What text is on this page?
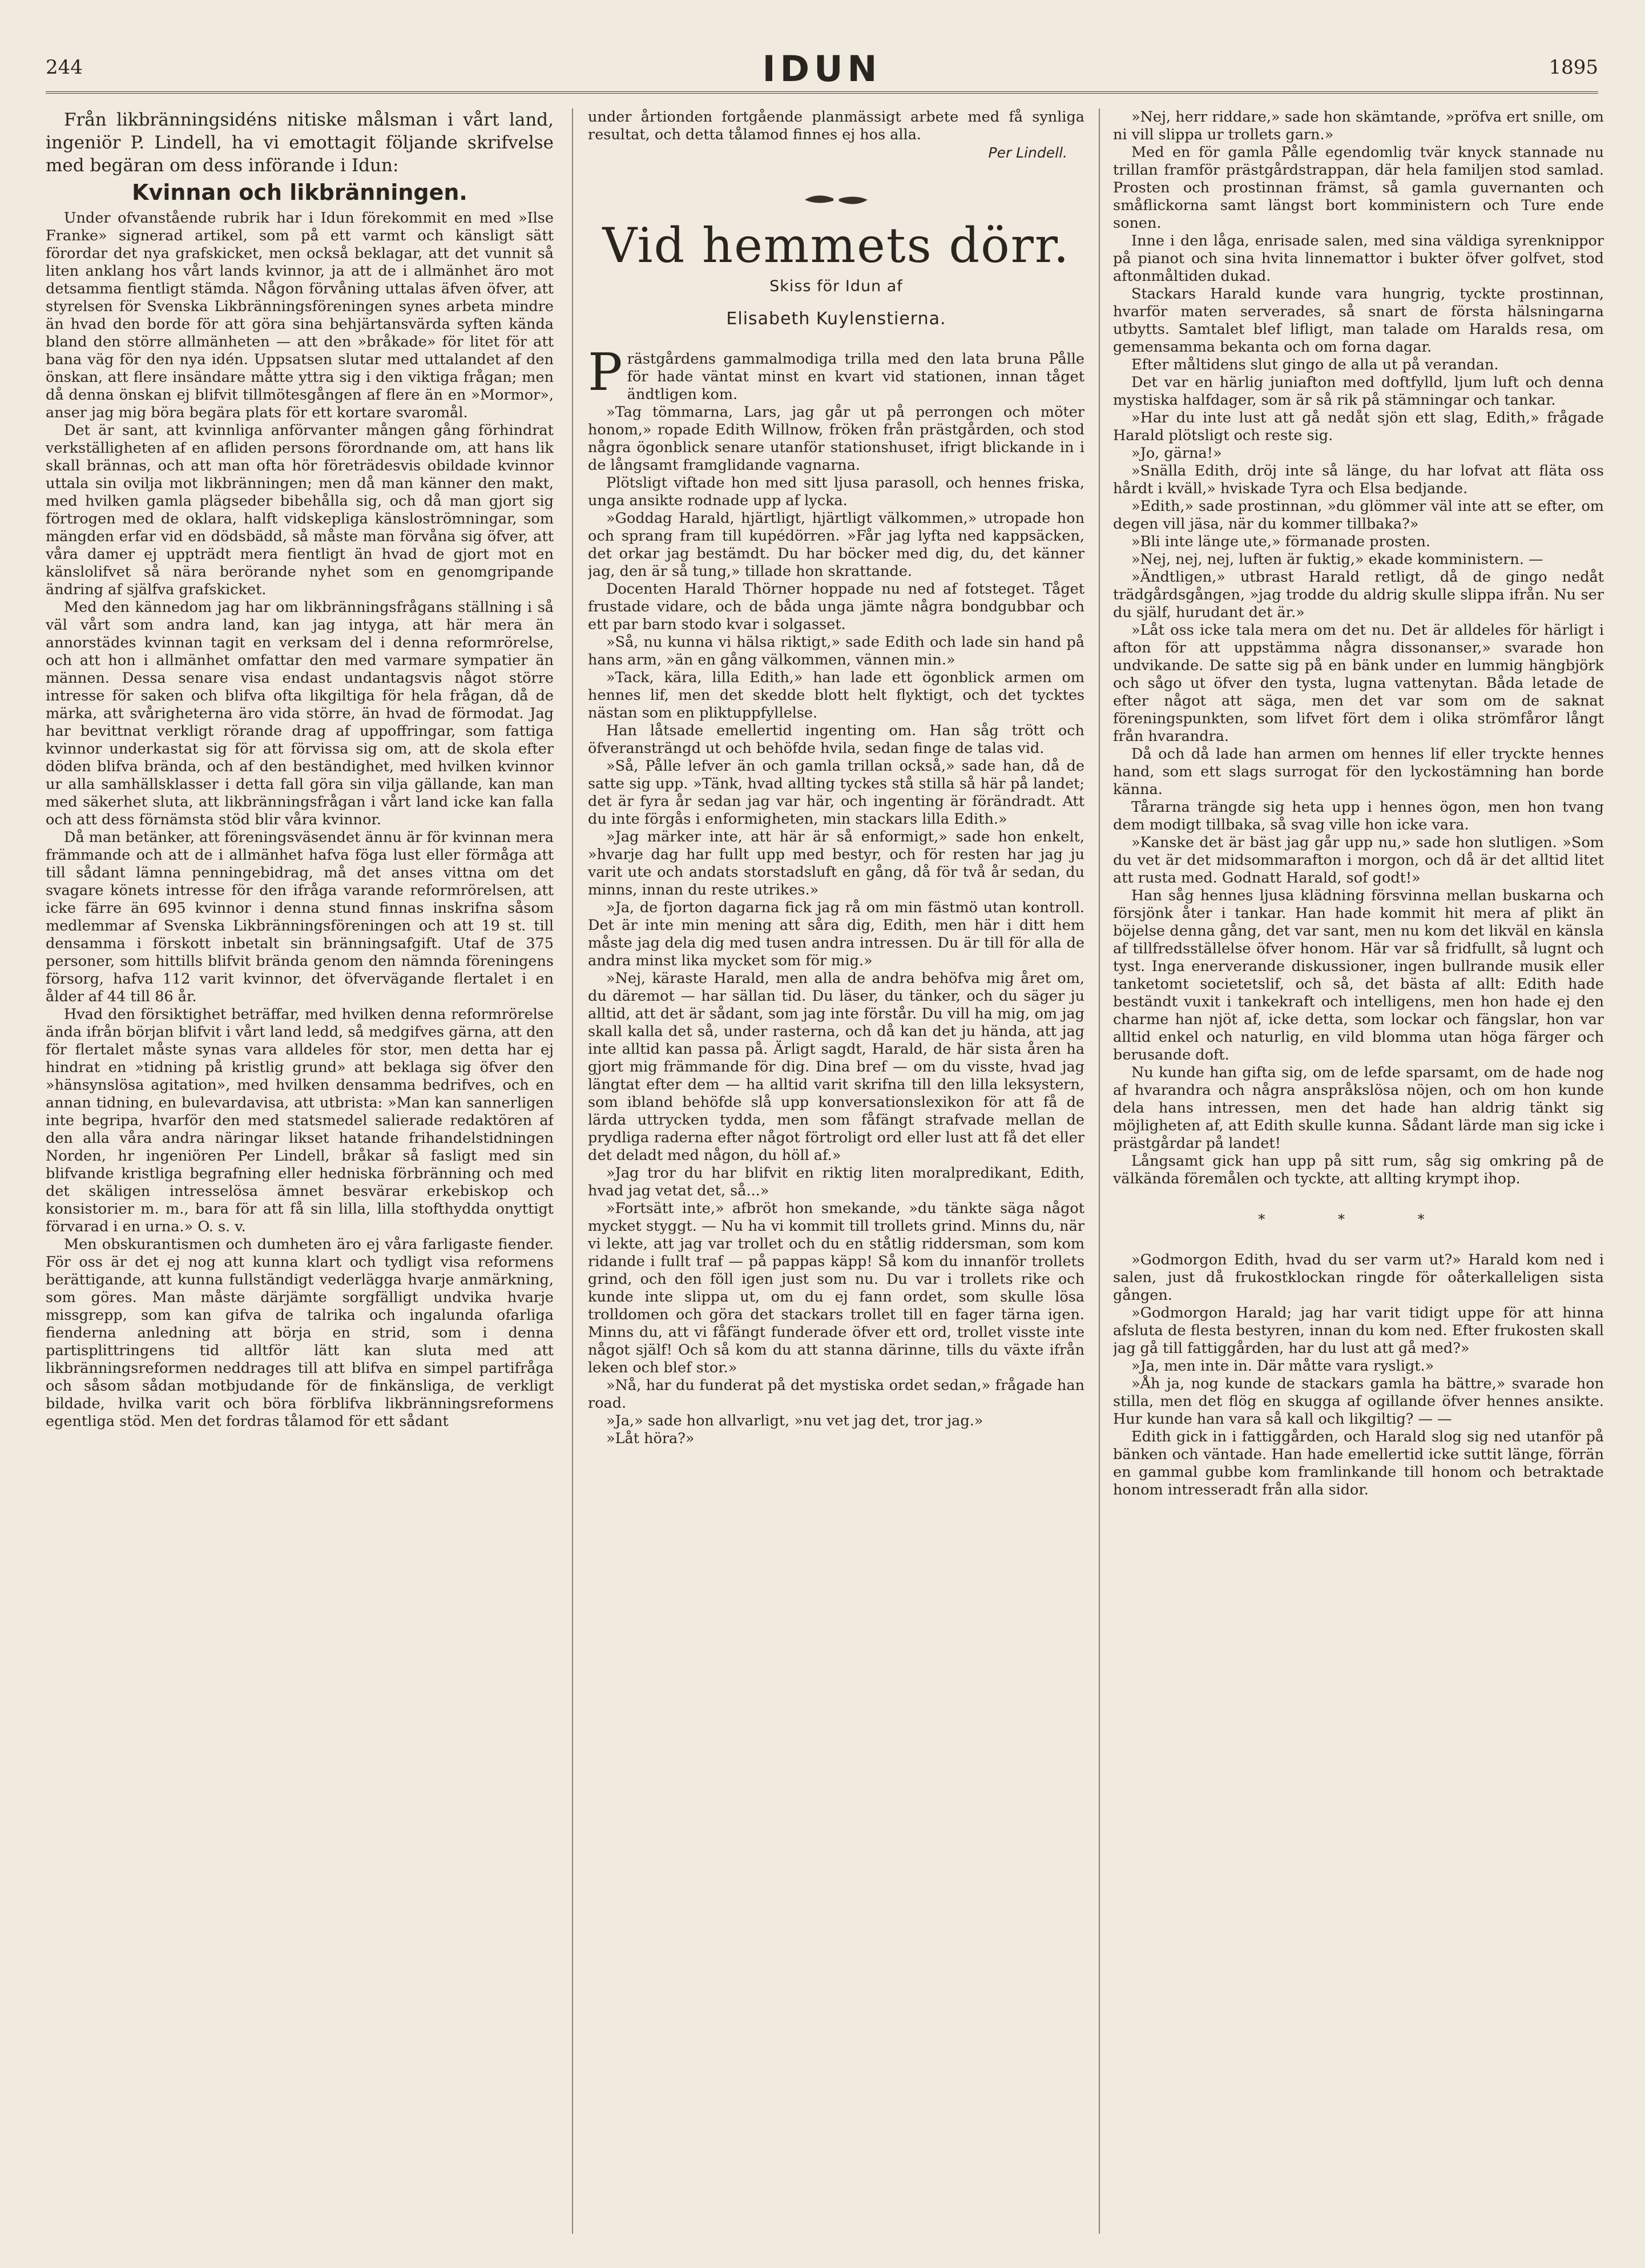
244	IDUN	1895

Från likbränningsidéns nitiske målsman i vårt land, ingeniör P. Lindell, ha vi emottagit följande skrifvelse med begäran om dess införande i Idun:

Kvinnan och likbränningen.

Under ofvanstående rubrik har i Idun förekommit en med »Ilse Franke» signerad artikel, som på ett varmt och känsligt sätt förordar det nya grafskicket, men också beklagar, att det vunnit så liten anklang hos vårt lands kvinnor, ja att de i allmänhet äro mot detsamma fientligt stämda. Någon förvåning uttalas äfven öfver, att styrelsen för Svenska Likbränningsföreningen synes arbeta mindre än hvad den borde för att göra sina behjärtansvärda syften kända bland den större allmänheten — att den »bråkade» för litet för att bana väg för den nya idén. Uppsatsen slutar med uttalandet af den önskan, att flere insändare måtte yttra sig i den viktiga frågan; men då denna önskan ej blifvit tillmötesgången af flere än en »Mormor», anser jag mig böra begära plats för ett kortare svaromål.

Det är sant, att kvinnliga anförvanter mången gång förhindrat verkställigheten af en afliden persons förordnande om, att hans lik skall brännas, och att man ofta hör företrädesvis obildade kvinnor uttala sin ovilja mot likbränningen; men då man känner den makt, med hvilken gamla plägseder bibehålla sig, och då man gjort sig förtrogen med de oklara, halft vidskepliga känsloströmningar, som mängden erfar vid en dödsbädd, så måste man förvåna sig öfver, att våra damer ej uppträdt mera fientligt än hvad de gjort mot en känslolifvet så nära berörande nyhet som en genomgripande ändring af själfva grafskicket.

Med den kännedom jag har om likbränningsfrågans ställning i så väl vårt som andra land, kan jag intyga, att här mera än annorstädes kvinnan tagit en verksam del i denna reformrörelse, och att hon i allmänhet omfattar den med varmare sympatier än männen. Dessa senare visa endast undantagsvis något större intresse för saken och blifva ofta likgiltiga för hela frågan, då de märka, att svårigheterna äro vida större, än hvad de förmodat. Jag har bevittnat verkligt rörande drag af uppoffringar, som fattiga kvinnor underkastat sig för att förvissa sig om, att de skola efter döden blifva brända, och af den beständighet, med hvilken kvinnor ur alla samhällsklasser i detta fall göra sin vilja gällande, kan man med säkerhet sluta, att likbränningsfrågan i vårt land icke kan falla och att dess förnämsta stöd blir våra kvinnor.

Då man betänker, att föreningsväsendet ännu är för kvinnan mera främmande och att de i allmänhet hafva föga lust eller förmåga att till sådant lämna penningebidrag, må det anses vittna om det svagare könets intresse för den ifråga varande reformrörelsen, att icke färre än 695 kvinnor i denna stund finnas inskrifna såsom medlemmar af Svenska Likbränningsföreningen och att 19 st. till densamma i förskott inbetalt sin bränningsafgift. Utaf de 375 personer, som hittills blifvit brända genom den nämnda föreningens försorg, hafva 112 varit kvinnor, det öfvervägande flertalet i en ålder af 44 till 86 år.

Hvad den försiktighet beträffar, med hvilken denna reformrörelse ända ifrån början blifvit i vårt land ledd, så medgifves gärna, att den för flertalet måste synas vara alldeles för stor, men detta har ej hindrat en »tidning på kristlig grund» att beklaga sig öfver den »hänsynslösa agitation», med hvilken densamma bedrifves, och en annan tidning, en bulevardavisa, att utbrista: »Man kan sannerligen inte begripa, hvarför den med statsmedel salierade redaktören af den alla våra andra näringar likset hatande frihandelstidningen Norden, hr ingeniören Per Lindell, bråkar så fasligt med sin blifvande kristliga begrafning eller hedniska förbränning och med det skäligen intresselösa ämnet besvärar erkebiskop och konsistorier m. m., bara för att få sin lilla, lilla stofthydda onyttigt förvarad i en urna.» O. s. v.

Men obskurantismen och dumheten äro ej våra farligaste fiender. För oss är det ej nog att kunna klart och tydligt visa reformens berättigande, att kunna fullständigt vederlägga hvarje anmärkning, som göres. Man måste därjämte sorgfälligt undvika hvarje missgrepp, som kan gifva de talrika och ingalunda ofarliga fienderna anledning att börja en strid, som i denna partisplittringens tid alltför lätt kan sluta med att likbränningsreformen neddrages till att blifva en simpel partifråga och såsom sådan motbjudande för de finkänsliga, de verkligt bildade, hvilka varit och böra förblifva likbränningsreformens egentliga stöd. Men det fordras tålamod för ett sådant

under årtionden fortgående planmässigt arbete med få synliga resultat, och detta tålamod finnes ej hos alla.

Per Lindell.

Vid hemmets dörr.
Skiss för Idun af
Elisabeth Kuylenstierna.

Prästgårdens gammalmodiga trilla med den lata bruna Pålle för hade väntat minst en kvart vid stationen, innan tåget ändtligen kom.

»Tag tömmarna, Lars, jag går ut på perrongen och möter honom,» ropade Edith Willnow, fröken från prästgården, och stod några ögonblick senare utanför stationshuset, ifrigt blickande in i de långsamt framglidande vagnarna.

Plötsligt viftade hon med sitt ljusa parasoll, och hennes friska, unga ansikte rodnade upp af lycka.

»Goddag Harald, hjärtligt, hjärtligt välkommen,» utropade hon och sprang fram till kupédörren. »Får jag lyfta ned kappsäcken, det orkar jag bestämdt. Du har böcker med dig, du, det känner jag, den är så tung,» tillade hon skrattande.

Docenten Harald Thörner hoppade nu ned af fotsteget. Tåget frustade vidare, och de båda unga jämte några bondgubbar och ett par barn stodo kvar i solgasset.

»Så, nu kunna vi hälsa riktigt,» sade Edith och lade sin hand på hans arm, »än en gång välkommen, vännen min.»

»Tack, kära, lilla Edith,» han lade ett ögonblick armen om hennes lif, men det skedde blott helt flyktigt, och det tycktes nästan som en pliktuppfyllelse.

Han låtsade emellertid ingenting om. Han såg trött och öfveransträngd ut och behöfde hvila, sedan finge de talas vid.

»Så, Pålle lefver än och gamla trillan också,» sade han, då de satte sig upp. »Tänk, hvad allting tyckes stå stilla så här på landet; det är fyra år sedan jag var här, och ingenting är förändradt. Att du inte förgås i enformigheten, min stackars lilla Edith.»

»Jag märker inte, att här är så enformigt,» sade hon enkelt, »hvarje dag har fullt upp med bestyr, och för resten har jag ju varit ute och andats storstadsluft en gång, då för två år sedan, du minns, innan du reste utrikes.»

»Ja, de fjorton dagarna fick jag rå om min fästmö utan kontroll. Det är inte min mening att såra dig, Edith, men här i ditt hem måste jag dela dig med tusen andra intressen. Du är till för alla de andra minst lika mycket som för mig.»

»Nej, käraste Harald, men alla de andra behöfva mig året om, du däremot — har sällan tid. Du läser, du tänker, och du säger ju alltid, att det är sådant, som jag inte förstår. Du vill ha mig, om jag skall kalla det så, under rasterna, och då kan det ju hända, att jag inte alltid kan passa på. Ärligt sagdt, Harald, de här sista åren ha gjort mig främmande för dig. Dina bref — om du visste, hvad jag längtat efter dem — ha alltid varit skrifna till den lilla leksystern, som ibland behöfde slå upp konversationslexikon för att få de lärda uttrycken tydda, men som fåfängt strafvade mellan de prydliga raderna efter något förtroligt ord eller lust att få det eller det deladt med någon, du höll af.»

»Jag tror du har blifvit en riktig liten moralpredikant, Edith, hvad jag vetat det, så...»

»Fortsätt inte,» afbröt hon smekande, »du tänkte säga något mycket styggt. — Nu ha vi kommit till trollets grind. Minns du, när vi lekte, att jag var trollet och du en ståtlig riddersman, som kom ridande i fullt traf — på pappas käpp! Så kom du innanför trollets grind, och den föll igen just som nu. Du var i trollets rike och kunde inte slippa ut, om du ej fann ordet, som skulle lösa trolldomen och göra det stackars trollet till en fager tärna igen. Minns du, att vi fåfängt funderade öfver ett ord, trollet visste inte något själf! Och så kom du att stanna därinne, tills du växte ifrån leken och blef stor.»

»Nå, har du funderat på det mystiska ordet sedan,» frågade han road.

»Ja,» sade hon allvarligt, »nu vet jag det, tror jag.»

»Låt höra?»

»Nej, herr riddare,» sade hon skämtande, »pröfva ert snille, om ni vill slippa ur trollets garn.»

Med en för gamla Pålle egendomlig tvär knyck stannade nu trillan framför prästgårdstrappan, där hela familjen stod samlad. Prosten och prostinnan främst, så gamla guvernanten och småflickorna samt längst bort komministern och Ture ende sonen.

Inne i den låga, enrisade salen, med sina väldiga syrenknippor på pianot och sina hvita linnemattor i bukter öfver golfvet, stod aftonmåltiden dukad.

Stackars Harald kunde vara hungrig, tyckte prostinnan, hvarför maten serverades, så snart de första hälsningarna utbytts. Samtalet blef lifligt, man talade om Haralds resa, om gemensamma bekanta och om forna dagar.

Efter måltidens slut gingo de alla ut på verandan.

Det var en härlig juniafton med doftfylld, ljum luft och denna mystiska halfdager, som är så rik på stämningar och tankar.

»Har du inte lust att gå nedåt sjön ett slag, Edith,» frågade Harald plötsligt och reste sig.

»Jo, gärna!»

»Snälla Edith, dröj inte så länge, du har lofvat att fläta oss hårdt i kväll,» hviskade Tyra och Elsa bedjande.

»Edith,» sade prostinnan, »du glömmer väl inte att se efter, om degen vill jäsa, när du kommer tillbaka?»

»Bli inte länge ute,» förmanade prosten.

»Nej, nej, nej, luften är fuktig,» ekade komministern. —

»Ändtligen,» utbrast Harald retligt, då de gingo nedåt trädgårdsgången, »jag trodde du aldrig skulle slippa ifrån. Nu ser du själf, hurudant det är.»

»Låt oss icke tala mera om det nu. Det är alldeles för härligt i afton för att uppstämma några dissonanser,» svarade hon undvikande. De satte sig på en bänk under en lummig hängbjörk och sågo ut öfver den tysta, lugna vattenytan. Båda letade de efter något att säga, men det var som om de saknat föreningspunkten, som lifvet fört dem i olika strömfåror långt från hvarandra.

Då och då lade han armen om hennes lif eller tryckte hennes hand, som ett slags surrogat för den lyckostämning han borde känna.

Tårarna trängde sig heta upp i hennes ögon, men hon tvang dem modigt tillbaka, så svag ville hon icke vara.

»Kanske det är bäst jag går upp nu,» sade hon slutligen. »Som du vet är det midsommarafton i morgon, och då är det alltid litet att rusta med. Godnatt Harald, sof godt!»

Han såg hennes ljusa klädning försvinna mellan buskarna och försjönk åter i tankar. Han hade kommit hit mera af plikt än böjelse denna gång, det var sant, men nu kom det likväl en känsla af tillfredsställelse öfver honom. Här var så fridfullt, så lugnt och tyst. Inga enerverande diskussioner, ingen bullrande musik eller tanketomt societetslif, och så, det bästa af allt: Edith hade beständt vuxit i tankekraft och intelligens, men hon hade ej den charme han njöt af, icke detta, som lockar och fängslar, hon var alltid enkel och naturlig, en vild blomma utan höga färger och berusande doft.

Nu kunde han gifta sig, om de lefde sparsamt, om de hade nog af hvarandra och några anspråkslösa nöjen, och om hon kunde dela hans intressen, men det hade han aldrig tänkt sig möjligheten af, att Edith skulle kunna. Sådant lärde man sig icke i prästgårdar på landet!

Långsamt gick han upp på sitt rum, såg sig omkring på de välkända föremålen och tyckte, att allting krympt ihop.

* * *

»Godmorgon Edith, hvad du ser varm ut?» Harald kom ned i salen, just då frukostklockan ringde för oåterkalleligen sista gången.

»Godmorgon Harald; jag har varit tidigt uppe för att hinna afsluta de flesta bestyren, innan du kom ned. Efter frukosten skall jag gå till fattiggården, har du lust att gå med?»

»Ja, men inte in. Där måtte vara rysligt.»

»Åh ja, nog kunde de stackars gamla ha bättre,» svarade hon stilla, men det flög en skugga af ogillande öfver hennes ansikte. Hur kunde han vara så kall och likgiltig? — —

Edith gick in i fattiggården, och Harald slog sig ned utanför på bänken och väntade. Han hade emellertid icke suttit länge, förrän en gammal gubbe kom framlinkande till honom och betraktade honom intresseradt från alla sidor.
